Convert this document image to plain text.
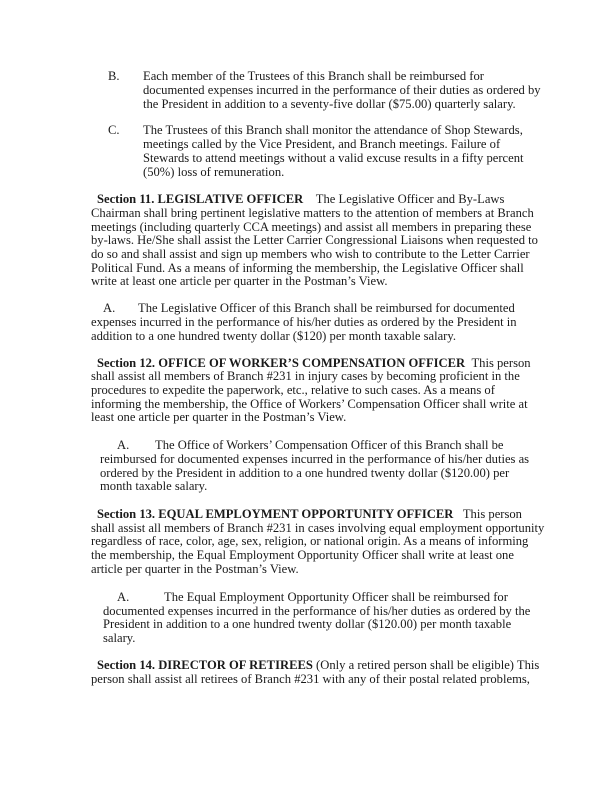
B. Each member of the Trustees of this Branch shall be reimbursed for
documented expenses incurred in the performance of their duties as ordered by
the President in addition to a seventy-five dollar ($75.00) quarterly salary.
C. The Trustees of this Branch shall monitor the attendance of Shop Stewards,
meetings called by the Vice President, and Branch meetings. Failure of
Stewards to attend meetings without a valid excuse results in a fifty percent
(50%) loss of remuneration.
Section 11. LEGISLATIVE OFFICER The Legislative Officer and By-Laws
Chairman shall bring pertinent legislative matters to the attention of members at Branch
meetings (including quarterly CCA meetings) and assist all members in preparing these
by-laws. He/She shall assist the Letter Carrier Congressional Liaisons when requested to
do so and shall assist and sign up members who wish to contribute to the Letter Carrier
Political Fund. As a means of informing the membership, the Legislative Officer shall
write at least one article per quarter in the Postman’s View.
A. The Legislative Officer of this Branch shall be reimbursed for documented
expenses incurred in the performance of his/her duties as ordered by the President in
addition to a one hundred twenty dollar ($120) per month taxable salary.
Section 12. OFFICE OF WORKER’S COMPENSATION OFFICER This person
shall assist all members of Branch #231 in injury cases by becoming proficient in the
procedures to expedite the paperwork, etc., relative to such cases. As a means of
informing the membership, the Office of Workers’ Compensation Officer shall write at
least one article per quarter in the Postman’s View.
A. The Office of Workers’ Compensation Officer of this Branch shall be
reimbursed for documented expenses incurred in the performance of his/her duties as
ordered by the President in addition to a one hundred twenty dollar ($120.00) per
month taxable salary.
Section 13. EQUAL EMPLOYMENT OPPORTUNITY OFFICER This person
shall assist all members of Branch #231 in cases involving equal employment opportunity
regardless of race, color, age, sex, religion, or national origin. As a means of informing
the membership, the Equal Employment Opportunity Officer shall write at least one
article per quarter in the Postman’s View.
A.	The Equal Employment Opportunity Officer shall be reimbursed for
documented expenses incurred in the performance of his/her duties as ordered by the
President in addition to a one hundred twenty dollar ($120.00) per month taxable
salary.
Section 14. DIRECTOR OF RETIREES (Only a retired person shall be eligible) This
person shall assist all retirees of Branch #231 with any of their postal related problems,
